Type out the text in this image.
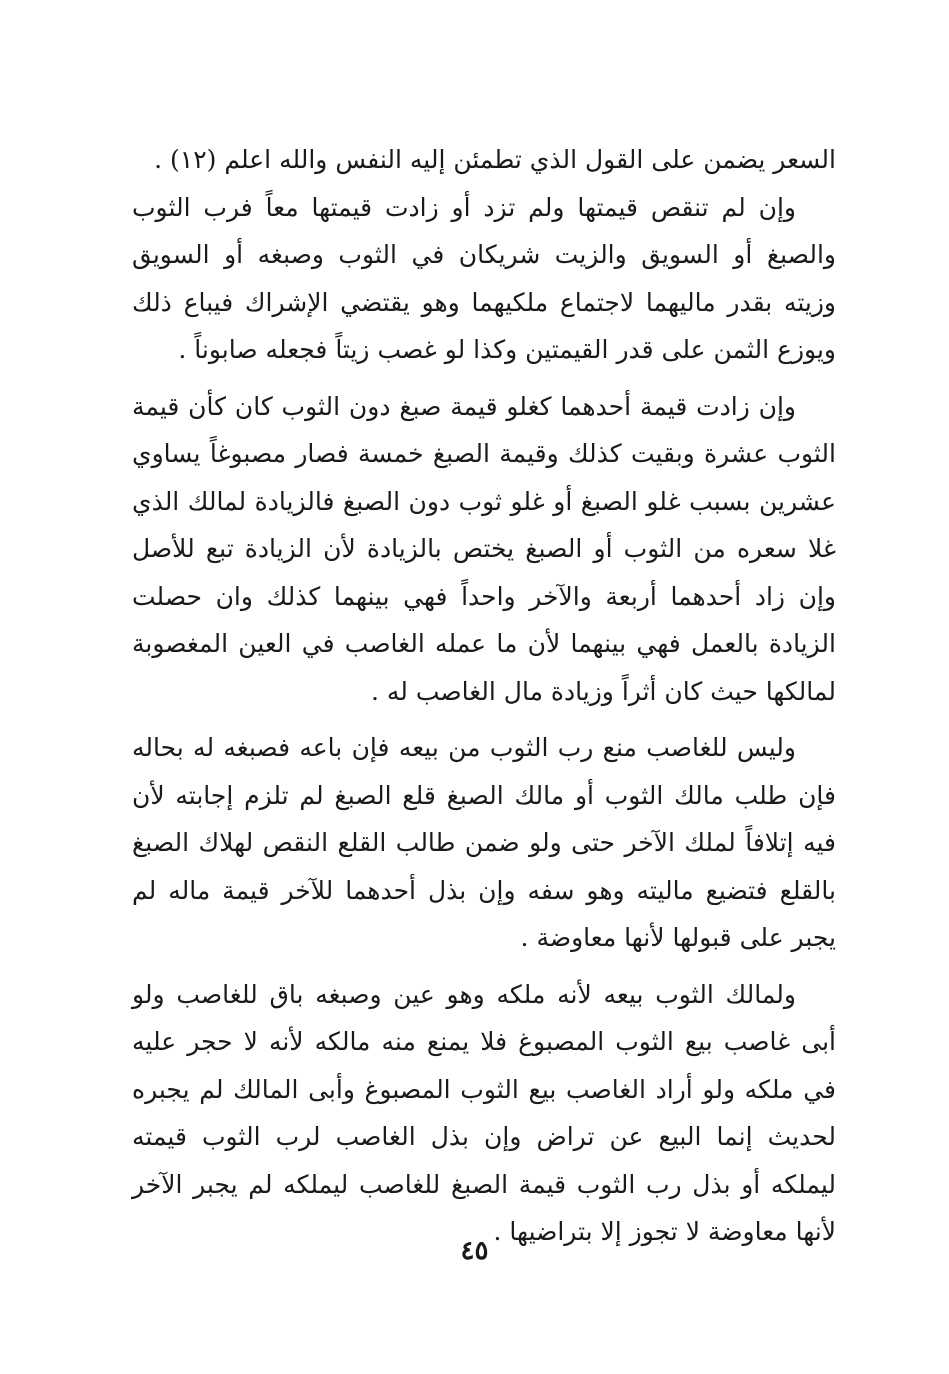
السعر يضمن على القول الذي تطمئن إليه النفس والله اعلم (١٢) .

وإن لم تنقص قيمتها ولم تزد أو زادت قيمتها معاً فرب الثوب والصبغ أو السويق والزيت شريكان في الثوب وصبغه أو السويق وزيته بقدر ماليهما لاجتماع ملكيهما وهو يقتضي الإشراك فيباع ذلك ويوزع الثمن على قدر القيمتين وكذا لو غصب زيتاً فجعله صابوناً .

وإن زادت قيمة أحدهما كغلو قيمة صبغ دون الثوب كان كأن قيمة الثوب عشرة وبقيت كذلك وقيمة الصبغ خمسة فصار مصبوغاً يساوي عشرين بسبب غلو الصبغ أو غلو ثوب دون الصبغ فالزيادة لمالك الذي غلا سعره من الثوب أو الصبغ يختص بالزيادة لأن الزيادة تبع للأصل وإن زاد أحدهما أربعة والآخر واحداً فهي بينهما كذلك وان حصلت الزيادة بالعمل فهي بينهما لأن ما عمله الغاصب في العين المغصوبة لمالكها حيث كان أثراً وزيادة مال الغاصب له .

وليس للغاصب منع رب الثوب من بيعه فإن باعه فصبغه له بحاله فإن طلب مالك الثوب أو مالك الصبغ قلع الصبغ لم تلزم إجابته لأن فيه إتلافاً لملك الآخر حتى ولو ضمن طالب القلع النقص لهلاك الصبغ بالقلع فتضيع ماليته وهو سفه وإن بذل أحدهما للآخر قيمة ماله لم يجبر على قبولها لأنها معاوضة .

ولمالك الثوب بيعه لأنه ملكه وهو عين وصبغه باق للغاصب ولو أبى غاصب بيع الثوب المصبوغ فلا يمنع منه مالكه لأنه لا حجر عليه في ملكه ولو أراد الغاصب بيع الثوب المصبوغ وأبى المالك لم يجبره لحديث إنما البيع عن تراض وإن بذل الغاصب لرب الثوب قيمته ليملكه أو بذل رب الثوب قيمة الصبغ للغاصب ليملكه لم يجبر الآخر لأنها معاوضة لا تجوز إلا بتراضيها .

٤٥
